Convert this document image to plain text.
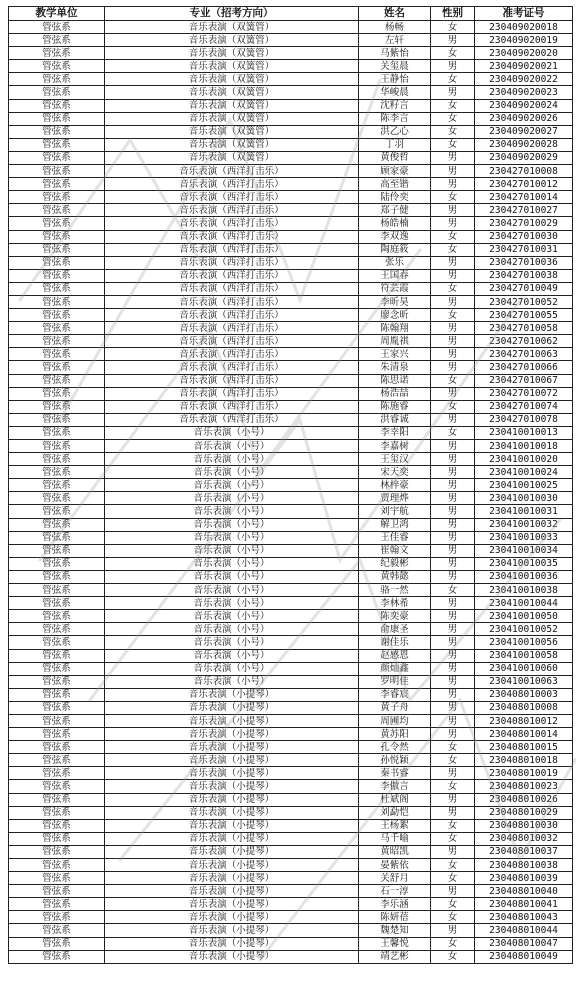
教学单位	专业（招考方向）	姓名	性别	准考证号
管弦系	音乐表演（双簧管）	杨畅	女	230409020018
管弦系	音乐表演（双簧管）	左轩	男	230409020019
管弦系	音乐表演（双簧管）	马紫怡	女	230409020020
管弦系	音乐表演（双簧管）	关玺晨	男	230409020021
管弦系	音乐表演（双簧管）	王静怡	女	230409020022
管弦系	音乐表演（双簧管）	华峻晨	男	230409020023
管弦系	音乐表演（双簧管）	沈籽言	女	230409020024
管弦系	音乐表演（双簧管）	陈李言	女	230409020026
管弦系	音乐表演（双簧管）	洪乙心	女	230409020027
管弦系	音乐表演（双簧管）	丁羽	女	230409020028
管弦系	音乐表演（双簧管）	黄俊哲	男	230409020029
管弦系	音乐表演（西洋打击乐）	顾家豪	男	230427010008
管弦系	音乐表演（西洋打击乐）	高至锴	男	230427010012
管弦系	音乐表演（西洋打击乐）	陆伶奕	女	230427010014
管弦系	音乐表演（西洋打击乐）	郑子健	男	230427010027
管弦系	音乐表演（西洋打击乐）	杨皓楠	男	230427010029
管弦系	音乐表演（西洋打击乐）	李双逸	女	230427010030
管弦系	音乐表演（西洋打击乐）	陶庭筱	女	230427010031
管弦系	音乐表演（西洋打击乐）	张乐	男	230427010036
管弦系	音乐表演（西洋打击乐）	王国春	男	230427010038
管弦系	音乐表演（西洋打击乐）	符芸霞	女	230427010049
管弦系	音乐表演（西洋打击乐）	李昕昊	男	230427010052
管弦系	音乐表演（西洋打击乐）	廖念昕	女	230427010055
管弦系	音乐表演（西洋打击乐）	陈翰翔	男	230427010058
管弦系	音乐表演（西洋打击乐）	周胤祺	男	230427010062
管弦系	音乐表演（西洋打击乐）	王家兴	男	230427010063
管弦系	音乐表演（西洋打击乐）	朱清泉	男	230427010066
管弦系	音乐表演（西洋打击乐）	陈思诺	女	230427010067
管弦系	音乐表演（西洋打击乐）	杨浩喆	男	230427010072
管弦系	音乐表演（西洋打击乐）	陈施睿	女	230427010074
管弦系	音乐表演（西洋打击乐）	洪睿诚	男	230427010078
管弦系	音乐表演（小号）	李幸阳	女	230410010013
管弦系	音乐表演（小号）	李嘉树	男	230410010018
管弦系	音乐表演（小号）	王玺汉	男	230410010020
管弦系	音乐表演（小号）	宋天奕	男	230410010024
管弦系	音乐表演（小号）	林梓豪	男	230410010025
管弦系	音乐表演（小号）	贾理烨	男	230410010030
管弦系	音乐表演（小号）	刘宇航	男	230410010031
管弦系	音乐表演（小号）	解卫鸿	男	230410010032
管弦系	音乐表演（小号）	王佳睿	男	230410010033
管弦系	音乐表演（小号）	崔翰文	男	230410010034
管弦系	音乐表演（小号）	纪毅彬	男	230410010035
管弦系	音乐表演（小号）	黄韩懿	男	230410010036
管弦系	音乐表演（小号）	骆一然	女	230410010038
管弦系	音乐表演（小号）	李林希	男	230410010044
管弦系	音乐表演（小号）	陈奕豪	男	230410010050
管弦系	音乐表演（小号）	俞康圣	男	230410010052
管弦系	音乐表演（小号）	谢佳乐	男	230410010056
管弦系	音乐表演（小号）	赵感恩	男	230410010058
管弦系	音乐表演（小号）	颜灿鑫	男	230410010060
管弦系	音乐表演（小号）	罗明佳	男	230410010063
管弦系	音乐表演（小提琴）	李睿宸	男	230408010003
管弦系	音乐表演（小提琴）	黄子舟	男	230408010008
管弦系	音乐表演（小提琴）	周圃均	男	230408010012
管弦系	音乐表演（小提琴）	黄苏阳	男	230408010014
管弦系	音乐表演（小提琴）	孔令然	女	230408010015
管弦系	音乐表演（小提琴）	孙悦颖	女	230408010018
管弦系	音乐表演（小提琴）	秦书睿	男	230408010019
管弦系	音乐表演（小提琴）	李傲言	女	230408010023
管弦系	音乐表演（小提琴）	杜斌阁	男	230408010026
管弦系	音乐表演（小提琴）	刘勐恺	男	230408010029
管弦系	音乐表演（小提琴）	王杨絮	女	230408010030
管弦系	音乐表演（小提琴）	马千喻	女	230408010032
管弦系	音乐表演（小提琴）	黄昭凯	男	230408010037
管弦系	音乐表演（小提琴）	晏紫依	女	230408010038
管弦系	音乐表演（小提琴）	关舒月	女	230408010039
管弦系	音乐表演（小提琴）	石一淳	男	230408010040
管弦系	音乐表演（小提琴）	李乐涵	女	230408010041
管弦系	音乐表演（小提琴）	陈妍蓓	女	230408010043
管弦系	音乐表演（小提琴）	魏楚知	男	230408010044
管弦系	音乐表演（小提琴）	王馨悦	女	230408010047
管弦系	音乐表演（小提琴）	靖艺彬	女	230408010049
